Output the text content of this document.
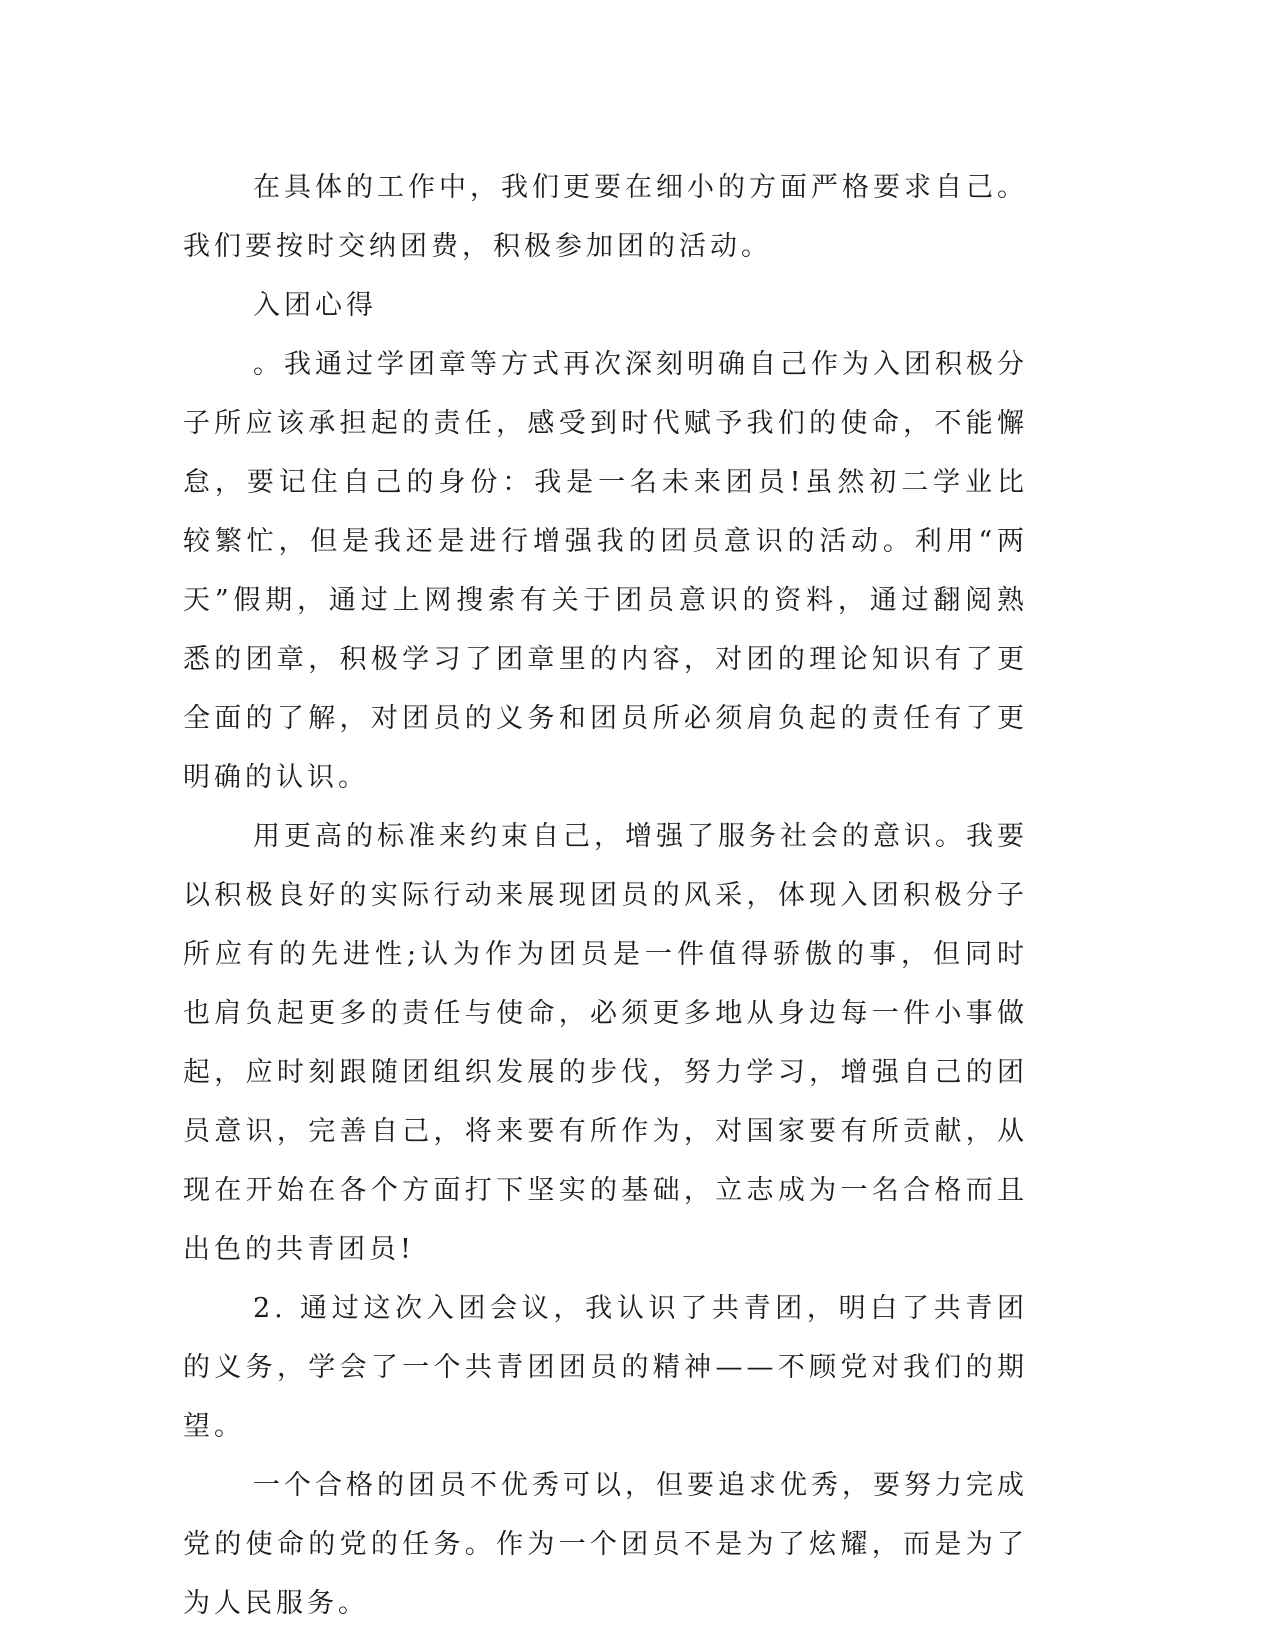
在具体的工作中，我们更要在细小的方面严格要求自己。我们要按时交纳团费，积极参加团的活动。

入团心得

。我通过学团章等方式再次深刻明确自己作为入团积极分子所应该承担起的责任，感受到时代赋予我们的使命，不能懈怠，要记住自己的身份：我是一名未来团员!虽然初二学业比较繁忙，但是我还是进行增强我的团员意识的活动。利用“两天”假期，通过上网搜索有关于团员意识的资料，通过翻阅熟悉的团章，积极学习了团章里的内容，对团的理论知识有了更全面的了解，对团员的义务和团员所必须肩负起的责任有了更明确的认识。

用更高的标准来约束自己，增强了服务社会的意识。我要以积极良好的实际行动来展现团员的风采，体现入团积极分子所应有的先进性;认为作为团员是一件值得骄傲的事，但同时也肩负起更多的责任与使命，必须更多地从身边每一件小事做起，应时刻跟随团组织发展的步伐，努力学习，增强自己的团员意识，完善自己，将来要有所作为，对国家要有所贡献，从现在开始在各个方面打下坚实的基础，立志成为一名合格而且出色的共青团员!

2. 通过这次入团会议，我认识了共青团，明白了共青团的义务，学会了一个共青团团员的精神——不顾党对我们的期望。

一个合格的团员不优秀可以，但要追求优秀，要努力完成党的使命的党的任务。作为一个团员不是为了炫耀，而是为了为人民服务。
